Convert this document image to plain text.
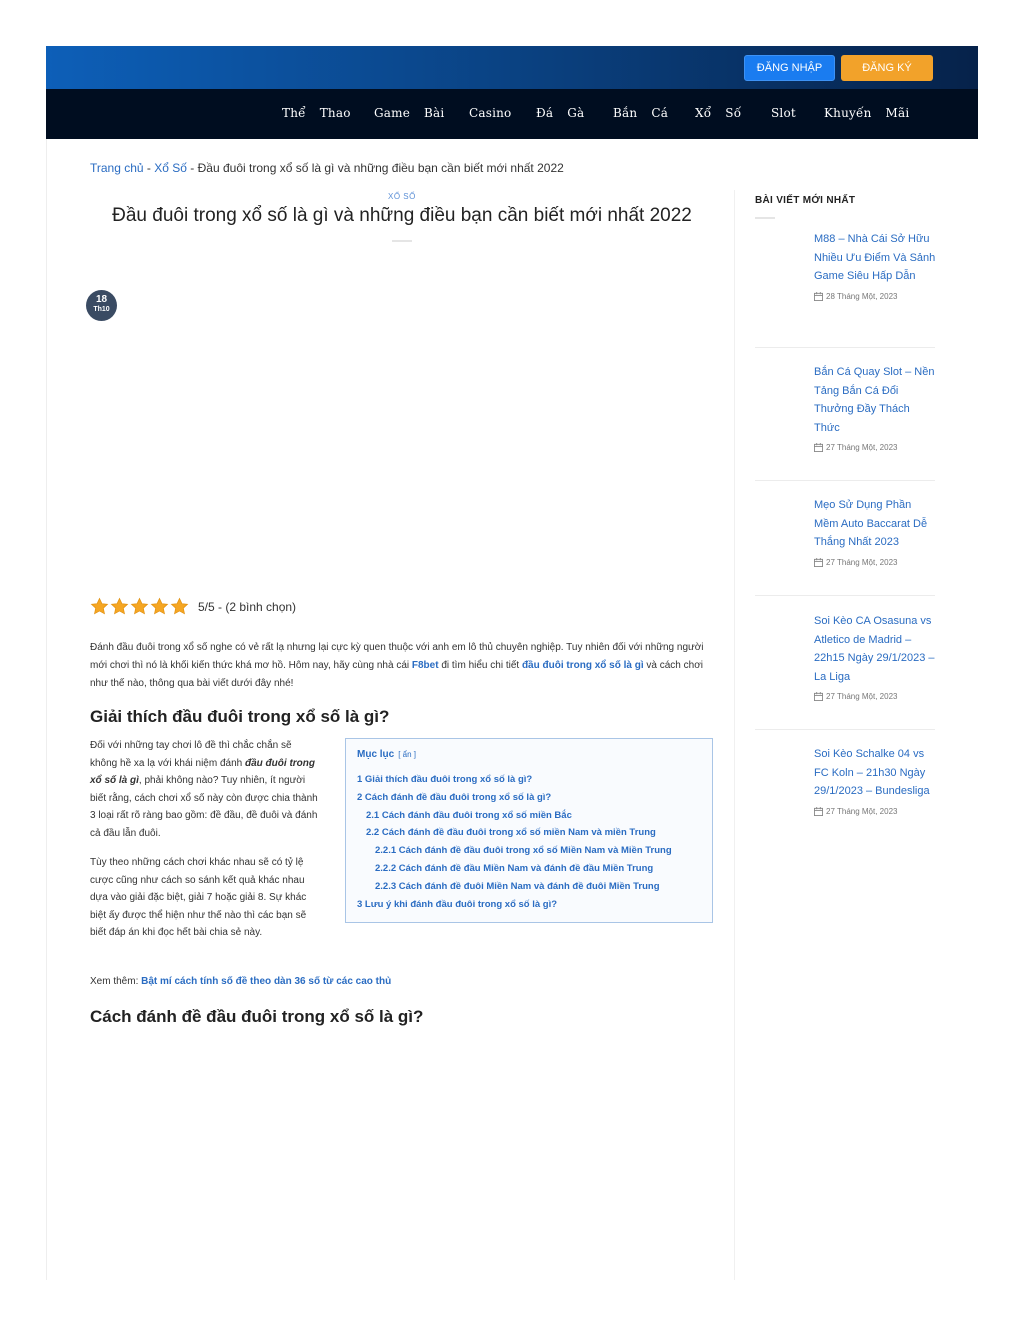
ĐĂNG NHẬP	ĐĂNG KÝ
Thể Thao Game Bài Casino Đá Gà Bắn Cá Xổ Số Slot Khuyến Mãi
Trang chủ - Xổ Số - Đầu đuôi trong xổ số là gì và những điều bạn cần biết mới nhất 2022
XỔ SỐ
Đầu đuôi trong xổ số là gì và những điều bạn cần biết mới nhất 2022
18
Th10
5/5 - (2 bình chọn)

Đánh đầu đuôi trong xổ số nghe có vẻ rất lạ nhưng lại cực kỳ quen thuộc với anh em lô thủ chuyên nghiệp. Tuy nhiên đối với những người mới chơi thì nó là khối kiến thức khá mơ hồ. Hôm nay, hãy cùng nhà cái F8bet đi tìm hiểu chi tiết đầu đuôi trong xổ số là gì và cách chơi như thế nào, thông qua bài viết dưới đây nhé!

Giải thích đầu đuôi trong xổ số là gì?

Đối với những tay chơi lô đề thì chắc chắn sẽ không hề xa lạ với khái niệm đánh đầu đuôi trong xổ số là gì, phải không nào? Tuy nhiên, ít người biết rằng, cách chơi xổ số này còn được chia thành 3 loại rất rõ ràng bao gồm: đề đầu, đề đuôi và đánh cả đầu lẫn đuôi.

Tùy theo những cách chơi khác nhau sẽ có tỷ lệ cược cũng như cách so sánh kết quả khác nhau dựa vào giải đặc biệt, giải 7 hoặc giải 8. Sự khác biệt ấy được thể hiện như thế nào thì các bạn sẽ biết đáp án khi đọc hết bài chia sẻ này.

Mục lục [ ẩn ]
1 Giải thích đầu đuôi trong xổ số là gì?
2 Cách đánh đề đầu đuôi trong xổ số là gì?
2.1 Cách đánh đầu đuôi trong xổ số miền Bắc
2.2 Cách đánh đề đầu đuôi trong xổ số miền Nam và miền Trung
2.2.1 Cách đánh đề đầu đuôi trong xổ số Miền Nam và Miền Trung
2.2.2 Cách đánh đề đầu Miền Nam và đánh đề đầu Miền Trung
2.2.3 Cách đánh đề đuôi Miền Nam và đánh đề đuôi Miền Trung
3 Lưu ý khi đánh đầu đuôi trong xổ số là gì?

Xem thêm: Bật mí cách tính số đề theo dàn 36 số từ các cao thủ

Cách đánh đề đầu đuôi trong xổ số là gì?
BÀI VIẾT MỚI NHẤT
M88 – Nhà Cái Sở Hữu Nhiều Ưu Điểm Và Sảnh Game Siêu Hấp Dẫn
28 Tháng Một, 2023
Bắn Cá Quay Slot – Nền Tảng Bắn Cá Đổi Thưởng Đầy Thách Thức
27 Tháng Một, 2023
Mẹo Sử Dụng Phần Mềm Auto Baccarat Dễ Thắng Nhất 2023
27 Tháng Một, 2023
Soi Kèo CA Osasuna vs Atletico de Madrid – 22h15 Ngày 29/1/2023 – La Liga
27 Tháng Một, 2023
Soi Kèo Schalke 04 vs FC Koln – 21h30 Ngày 29/1/2023 – Bundesliga
27 Tháng Một, 2023
